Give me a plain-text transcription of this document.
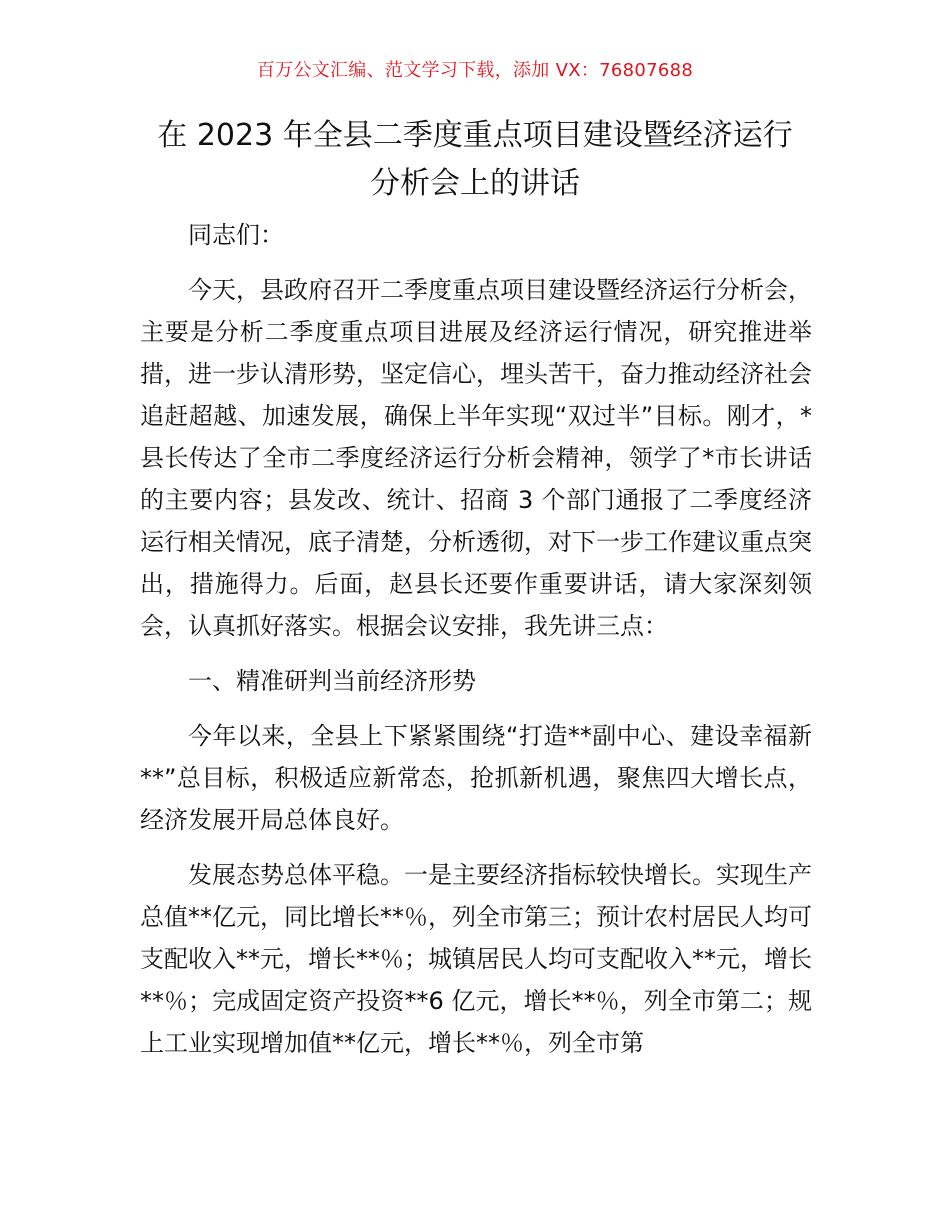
百万公文汇编、范文学习下载，添加 VX：76807688
在 2023 年全县二季度重点项目建设暨经济运行
分析会上的讲话

同志们：

今天，县政府召开二季度重点项目建设暨经济运行分析会，主要是分析二季度重点项目进展及经济运行情况，研究推进举措，进一步认清形势，坚定信心，埋头苦干，奋力推动经济社会追赶超越、加速发展，确保上半年实现“双过半”目标。刚才，*县长传达了全市二季度经济运行分析会精神，领学了*市长讲话的主要内容；县发改、统计、招商 3 个部门通报了二季度经济运行相关情况，底子清楚，分析透彻，对下一步工作建议重点突出，措施得力。后面，赵县长还要作重要讲话，请大家深刻领会，认真抓好落实。根据会议安排，我先讲三点：

一、精准研判当前经济形势

今年以来，全县上下紧紧围绕“打造**副中心、建设幸福新**”总目标，积极适应新常态，抢抓新机遇，聚焦四大增长点，经济发展开局总体良好。

发展态势总体平稳。一是主要经济指标较快增长。实现生产总值**亿元，同比增长**％，列全市第三；预计农村居民人均可支配收入**元，增长**％；城镇居民人均可支配收入**元，增长**％；完成固定资产投资**6 亿元，增长**％，列全市第二；规上工业实现增加值**亿元，增长**％，列全市第
